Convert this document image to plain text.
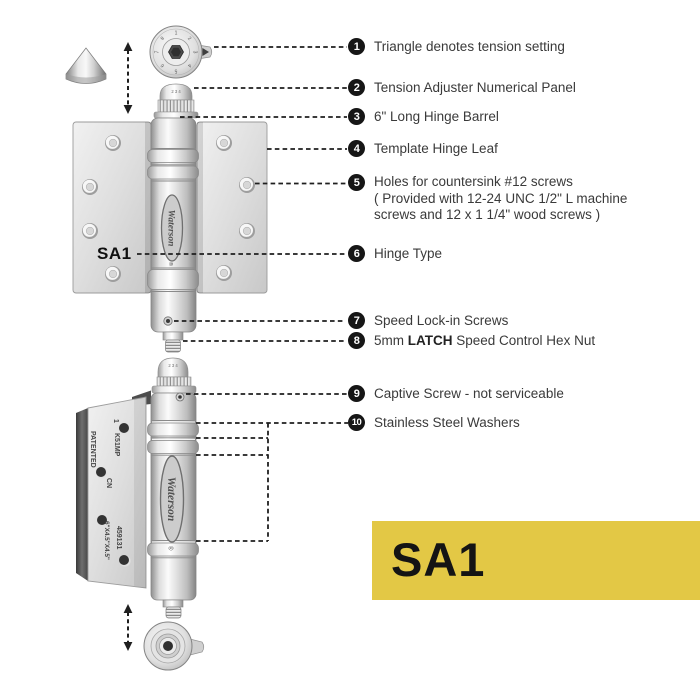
1
2
3
4
5
6
7
8
2 3 4
Waterson
®
1
K51MP
CN
PATENTED
459131
6"X4.5"X4.5"
2 3 4
Waterson
®
1	Triangle denotes tension setting
2	Tension Adjuster Numerical Panel
3	6" Long Hinge Barrel
4	Template Hinge Leaf
5	Holes for countersink #12 screws
( Provided with 12-24 UNC 1/2" L machine
screws and 12 x 1 1/4" wood screws )
6	Hinge Type
7	Speed Lock-in Screws
8	5mm LATCH Speed Control Hex Nut
9	Captive Screw - not serviceable
10 Stainless Steel Washers
SA1
SA1
